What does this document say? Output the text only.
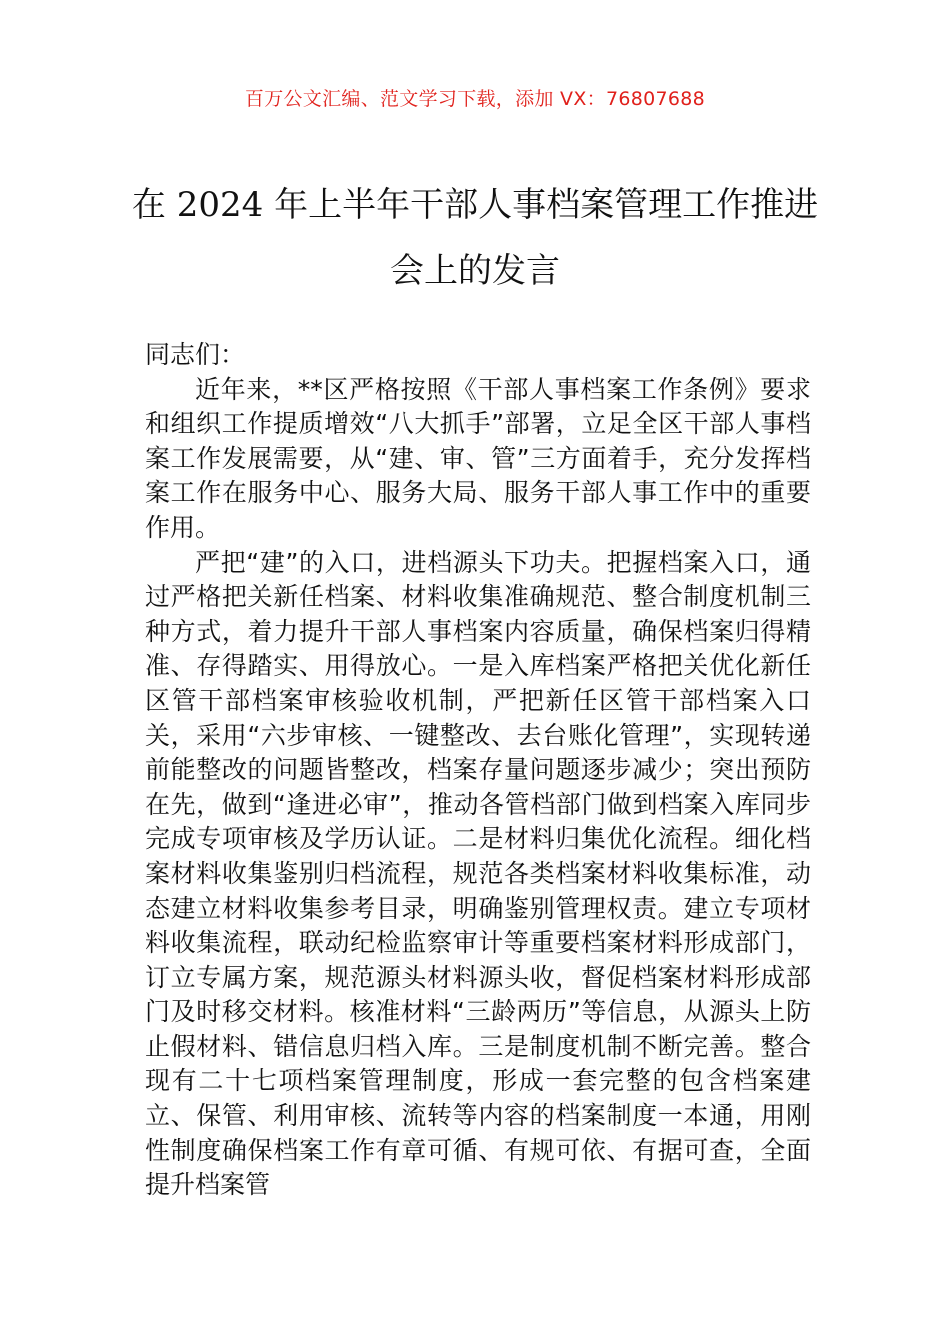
百万公文汇编、范文学习下载，添加 VX：76807688
在 2024 年上半年干部人事档案管理工作推进会上的发言

同志们：

近年来，**区严格按照《干部人事档案工作条例》要求和组织工作提质增效“八大抓手”部署，立足全区干部人事档案工作发展需要，从“建、审、管”三方面着手，充分发挥档案工作在服务中心、服务大局、服务干部人事工作中的重要作用。

严把“建”的入口，进档源头下功夫。把握档案入口，通过严格把关新任档案、材料收集准确规范、整合制度机制三种方式，着力提升干部人事档案内容质量，确保档案归得精准、存得踏实、用得放心。一是入库档案严格把关优化新任区管干部档案审核验收机制，严把新任区管干部档案入口关，采用“六步审核、一键整改、去台账化管理”，实现转递前能整改的问题皆整改，档案存量问题逐步减少；突出预防在先，做到“逢进必审”，推动各管档部门做到档案入库同步完成专项审核及学历认证。二是材料归集优化流程。细化档案材料收集鉴别归档流程，规范各类档案材料收集标准，动态建立材料收集参考目录，明确鉴别管理权责。建立专项材料收集流程，联动纪检监察审计等重要档案材料形成部门，订立专属方案，规范源头材料源头收，督促档案材料形成部门及时移交材料。核准材料“三龄两历”等信息，从源头上防止假材料、错信息归档入库。三是制度机制不断完善。整合现有二十七项档案管理制度，形成一套完整的包含档案建立、保管、利用审核、流转等内容的档案制度一本通，用刚性制度确保档案工作有章可循、有规可依、有据可查，全面提升档案管
